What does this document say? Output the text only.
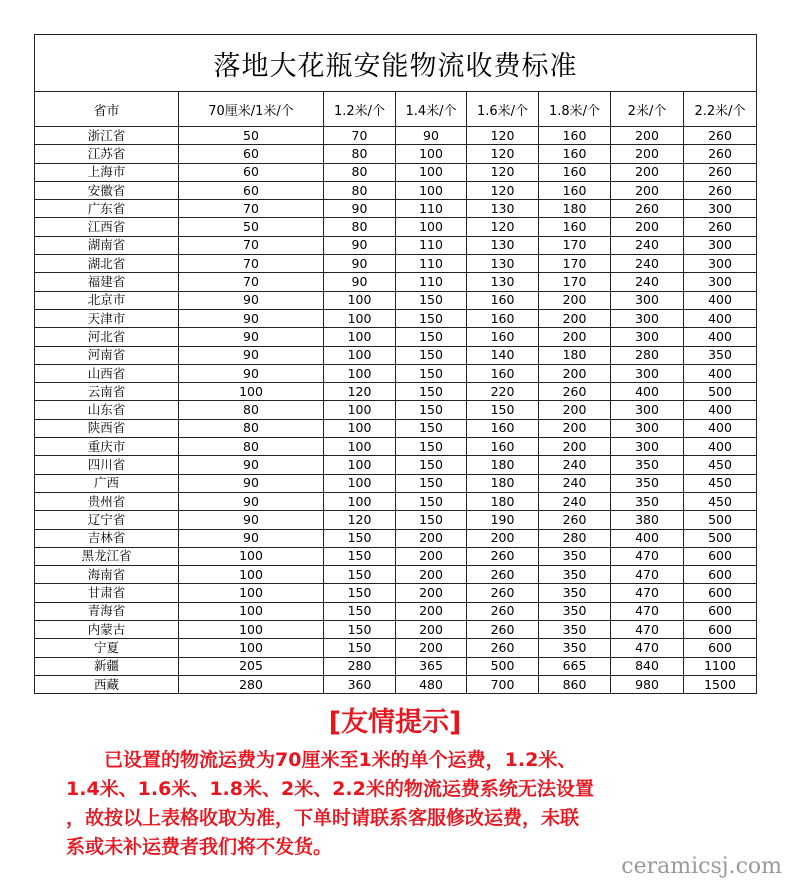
落地大花瓶安能物流收费标准							
省市	70厘米/1米/个	1.2米/个	1.4米/个	1.6米/个	1.8米/个	2米/个	2.2米/个
浙江省	50	70	90	120	160	200	260
江苏省	60	80	100	120	160	200	260
上海市	60	80	100	120	160	200	260
安徽省	60	80	100	120	160	200	260
广东省	70	90	110	130	180	260	300
江西省	50	80	100	120	160	200	260
湖南省	70	90	110	130	170	240	300
湖北省	70	90	110	130	170	240	300
福建省	70	90	110	130	170	240	300
北京市	90	100	150	160	200	300	400
天津市	90	100	150	160	200	300	400
河北省	90	100	150	160	200	300	400
河南省	90	100	150	140	180	280	350
山西省	90	100	150	160	200	300	400
云南省	100	120	150	220	260	400	500
山东省	80	100	150	150	200	300	400
陕西省	80	100	150	160	200	300	400
重庆市	80	100	150	160	200	300	400
四川省	90	100	150	180	240	350	450
广西	90	100	150	180	240	350	450
贵州省	90	100	150	180	240	350	450
辽宁省	90	120	150	190	260	380	500
吉林省	90	150	200	200	280	400	500
黑龙江省	100	150	200	260	350	470	600
海南省	100	150	200	260	350	470	600
甘肃省	100	150	200	260	350	470	600
青海省	100	150	200	260	350	470	600
内蒙古	100	150	200	260	350	470	600
宁夏	100	150	200	260	350	470	600
新疆	205	280	365	500	665	840	1100
西藏	280	360	480	700	860	980	1500
[友情提示]
　　已设置的物流运费为70厘米至1米的单个运费，1.2米、
1.4米、1.6米、1.8米、2米、2.2米的物流运费系统无法设置
，故按以上表格收取为准，下单时请联系客服修改运费，未联
系或未补运费者我们将不发货。
ceramicsj.com
